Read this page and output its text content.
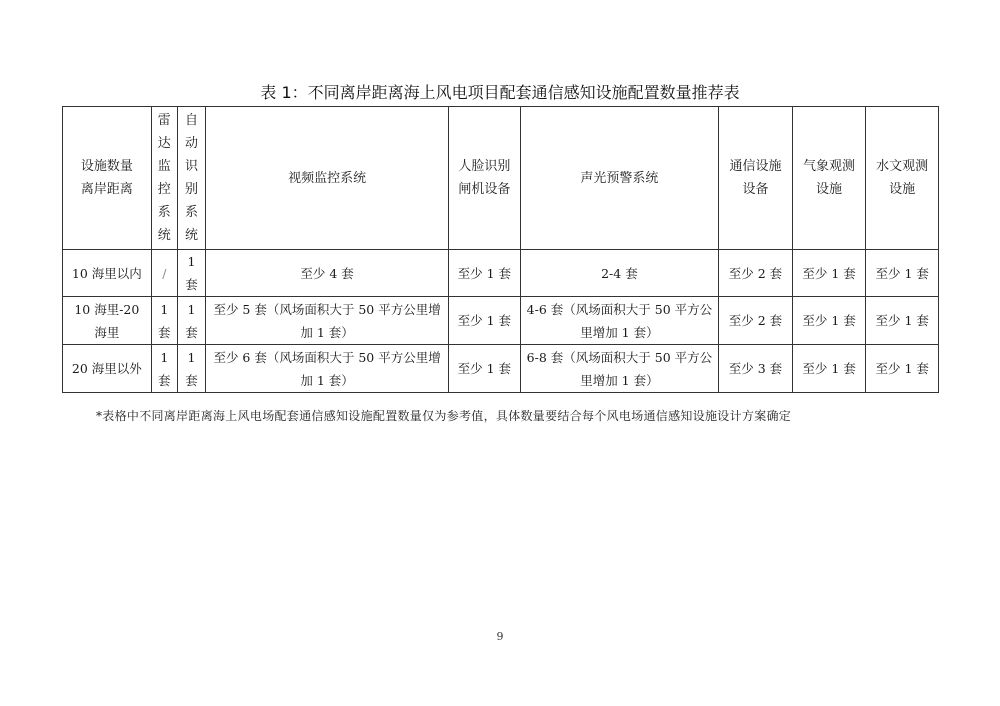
表 1：不同离岸距离海上风电项目配套通信感知设施配置数量推荐表
设施数量离岸距离	雷达监控系统	自动识别系统	视频监控系统	人脸识别闸机设备	声光预警系统	通信设施设备	气象观测设施	水文观测设施
10 海里以内	/	1套	至少 4 套	至少 1 套	2-4 套	至少 2 套	至少 1 套	至少 1 套
10 海里-20 海里	1套	1套	至少 5 套（风场面积大于 50 平方公里增加 1 套）	至少 1 套	4-6 套（风场面积大于 50 平方公里增加 1 套）	至少 2 套	至少 1 套	至少 1 套
20 海里以外	1套	1套	至少 6 套（风场面积大于 50 平方公里增加 1 套）	至少 1 套	6-8 套（风场面积大于 50 平方公里增加 1 套）	至少 3 套	至少 1 套	至少 1 套
*表格中不同离岸距离海上风电场配套通信感知设施配置数量仅为参考值，具体数量要结合每个风电场通信感知设施设计方案确定
9
